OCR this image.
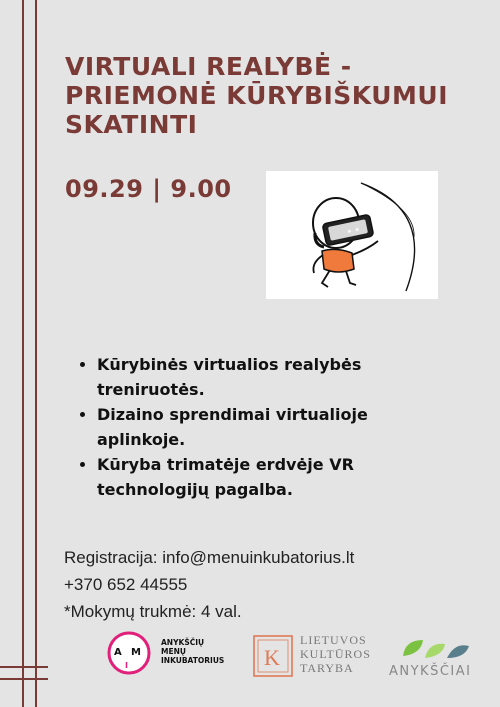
VIRTUALI REALYBĖ -
PRIEMONĖ KŪRYBIŠKUMUI
SKATINTI
09.29 | 9.00
✶ ✶
• Kūrybinės virtualios realybės treniruotės.
• Dizaino sprendimai virtualioje aplinkoje.
• Kūryba trimatėje erdvėje VR technologijų pagalba.
Registracija: info@menuinkubatorius.lt
+370 652 44555
*Mokymų trukmė: 4 val.
A M
I
ANYKŠČIŲ
MENŲ
INKUBATORIUS K
LIETUVOS
KULTŪROS
TARYBA	ANYKŠČIAI
